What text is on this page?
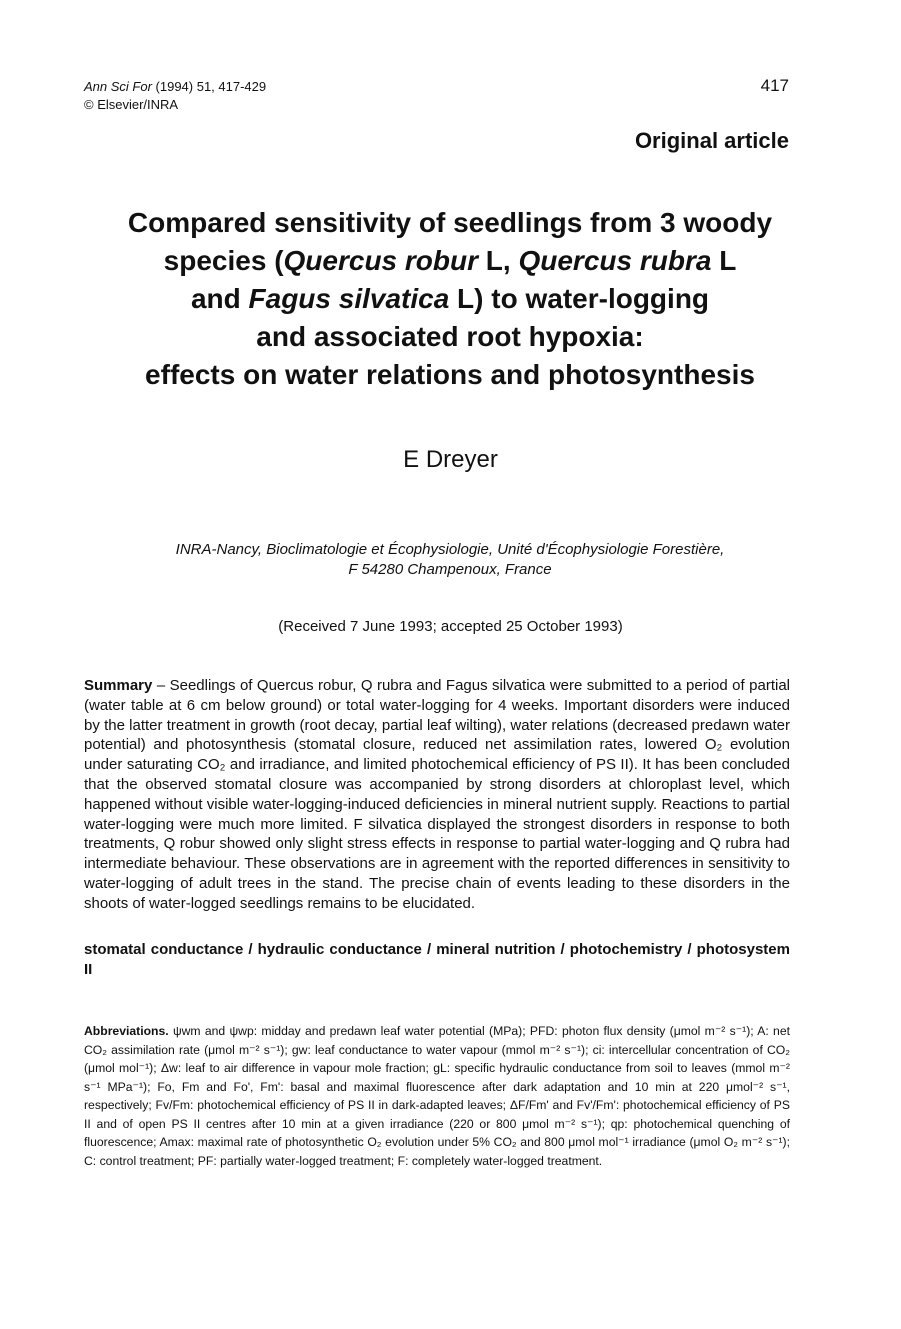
Ann Sci For (1994) 51, 417-429
© Elsevier/INRA
417
Original article
Compared sensitivity of seedlings from 3 woody
species (Quercus robur L, Quercus rubra L
and Fagus silvatica L) to water-logging
and associated root hypoxia:
effects on water relations and photosynthesis
E Dreyer
INRA-Nancy, Bioclimatologie et Écophysiologie, Unité d'Écophysiologie Forestière,
F 54280 Champenoux, France
(Received 7 June 1993; accepted 25 October 1993)
Summary – Seedlings of Quercus robur, Q rubra and Fagus silvatica were submitted to a period of partial (water table at 6 cm below ground) or total water-logging for 4 weeks. Important disorders were induced by the latter treatment in growth (root decay, partial leaf wilting), water relations (decreased predawn water potential) and photosynthesis (stomatal closure, reduced net assimilation rates, lowered O₂ evolution under saturating CO₂ and irradiance, and limited photochemical efficiency of PS II). It has been concluded that the observed stomatal closure was accompanied by strong disorders at chloroplast level, which happened without visible water-logging-induced deficiencies in mineral nutrient supply. Reactions to partial water-logging were much more limited. F silvatica displayed the strongest disorders in response to both treatments, Q robur showed only slight stress effects in response to partial water-logging and Q rubra had intermediate behaviour. These observations are in agreement with the reported differences in sensitivity to water-logging of adult trees in the stand. The precise chain of events leading to these disorders in the shoots of water-logged seedlings remains to be elucidated.
stomatal conductance / hydraulic conductance / mineral nutrition / photochemistry / photosystem II
Abbreviations. ψwm and ψwp: midday and predawn leaf water potential (MPa); PFD: photon flux density (μmol m⁻² s⁻¹); A: net CO₂ assimilation rate (μmol m⁻² s⁻¹); gw: leaf conductance to water vapour (mmol m⁻² s⁻¹); ci: intercellular concentration of CO₂ (μmol mol⁻¹); Δw: leaf to air difference in vapour mole fraction; gL: specific hydraulic conductance from soil to leaves (mmol m⁻² s⁻¹ MPa⁻¹); Fo, Fm and Fo', Fm': basal and maximal fluorescence after dark adaptation and 10 min at 220 μmol⁻² s⁻¹, respectively; Fv/Fm: photochemical efficiency of PS II in dark-adapted leaves; ΔF/Fm' and Fv'/Fm': photochemical efficiency of PS II and of open PS II centres after 10 min at a given irradiance (220 or 800 μmol m⁻² s⁻¹); qp: photochemical quenching of fluorescence; Amax: maximal rate of photosynthetic O₂ evolution under 5% CO₂ and 800 μmol mol⁻¹ irradiance (μmol O₂ m⁻² s⁻¹); C: control treatment; PF: partially water-logged treatment; F: completely water-logged treatment.
